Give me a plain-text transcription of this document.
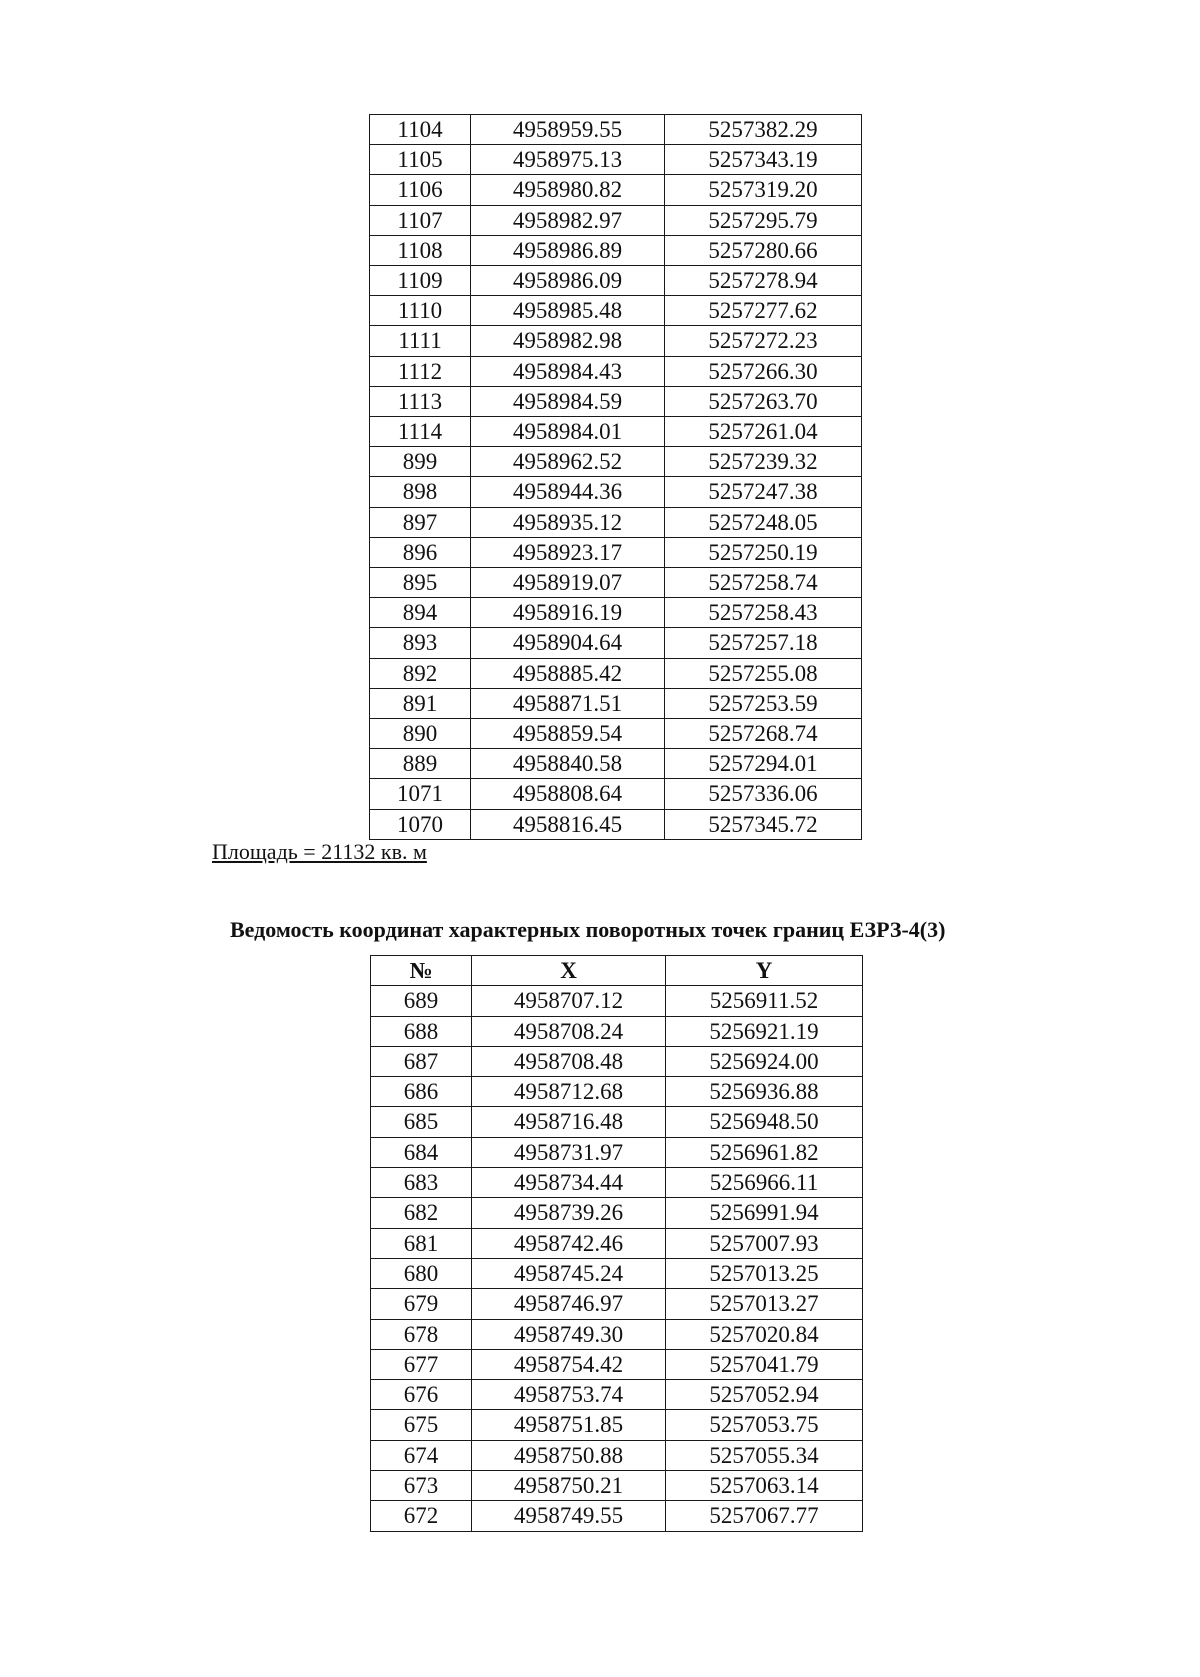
1104	4958959.55	5257382.29
1105	4958975.13	5257343.19
1106	4958980.82	5257319.20
1107	4958982.97	5257295.79
1108	4958986.89	5257280.66
1109	4958986.09	5257278.94
1110	4958985.48	5257277.62
1111	4958982.98	5257272.23
1112	4958984.43	5257266.30
1113	4958984.59	5257263.70
1114	4958984.01	5257261.04
899	4958962.52	5257239.32
898	4958944.36	5257247.38
897	4958935.12	5257248.05
896	4958923.17	5257250.19
895	4958919.07	5257258.74
894	4958916.19	5257258.43
893	4958904.64	5257257.18
892	4958885.42	5257255.08
891	4958871.51	5257253.59
890	4958859.54	5257268.74
889	4958840.58	5257294.01
1071	4958808.64	5257336.06
1070	4958816.45	5257345.72
Площадь = 21132 кв. м
Ведомость координат характерных поворотных точек границ ЕЗРЗ-4(3)
№	X	Y
689	4958707.12	5256911.52
688	4958708.24	5256921.19
687	4958708.48	5256924.00
686	4958712.68	5256936.88
685	4958716.48	5256948.50
684	4958731.97	5256961.82
683	4958734.44	5256966.11
682	4958739.26	5256991.94
681	4958742.46	5257007.93
680	4958745.24	5257013.25
679	4958746.97	5257013.27
678	4958749.30	5257020.84
677	4958754.42	5257041.79
676	4958753.74	5257052.94
675	4958751.85	5257053.75
674	4958750.88	5257055.34
673	4958750.21	5257063.14
672	4958749.55	5257067.77
